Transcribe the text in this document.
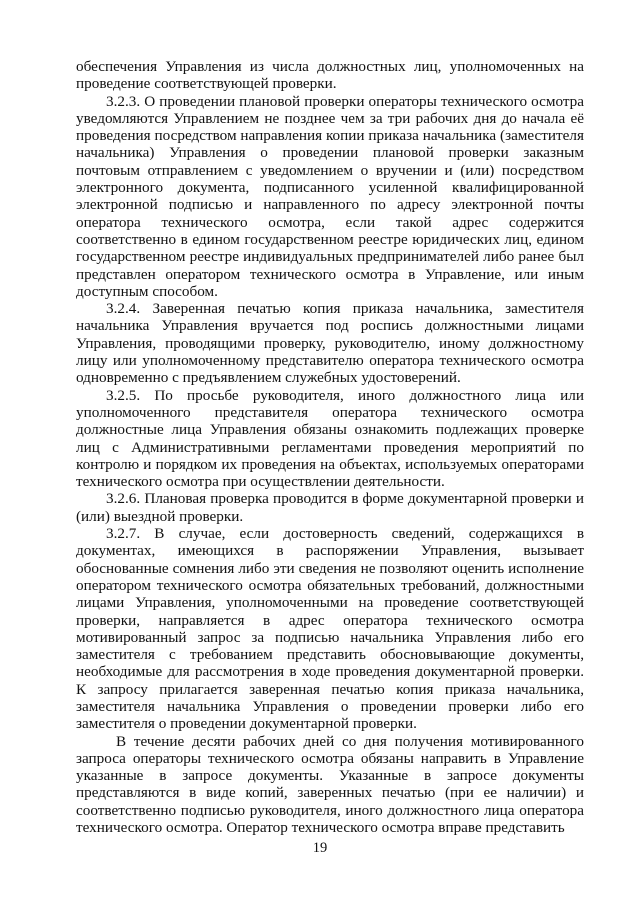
обеспечения Управления из числа должностных лиц, уполномоченных на проведение соответствующей проверки.

3.2.3. О проведении плановой проверки операторы технического осмотра уведомляются Управлением не позднее чем за три рабочих дня до начала её проведения посредством направления копии приказа начальника (заместителя начальника) Управления о проведении плановой проверки заказным почтовым отправлением с уведомлением о вручении и (или) посредством электронного документа, подписанного усиленной квалифицированной электронной подписью и направленного по адресу электронной почты оператора технического осмотра, если такой адрес содержится соответственно в едином государственном реестре юридических лиц, едином государственном реестре индивидуальных предпринимателей либо ранее был представлен оператором технического осмотра в Управление, или иным доступным способом.

3.2.4. Заверенная печатью копия приказа начальника, заместителя начальника Управления вручается под роспись должностными лицами Управления, проводящими проверку, руководителю, иному должностному лицу или уполномоченному представителю оператора технического осмотра одновременно с предъявлением служебных удостоверений.

3.2.5. По просьбе руководителя, иного должностного лица или уполномоченного представителя оператора технического осмотра должностные лица Управления обязаны ознакомить подлежащих проверке лиц с Административными регламентами проведения мероприятий по контролю и порядком их проведения на объектах, используемых операторами технического осмотра при осуществлении деятельности.

3.2.6. Плановая проверка проводится в форме документарной проверки и (или) выездной проверки.

3.2.7. В случае, если достоверность сведений, содержащихся в документах, имеющихся в распоряжении Управления, вызывает обоснованные сомнения либо эти сведения не позволяют оценить исполнение оператором технического осмотра обязательных требований, должностными лицами Управления, уполномоченными на проведение соответствующей проверки, направляется в адрес оператора технического осмотра мотивированный запрос за подписью начальника Управления либо его заместителя с требованием представить обосновывающие документы, необходимые для рассмотрения в ходе проведения документарной проверки. К запросу прилагается заверенная печатью копия приказа начальника, заместителя начальника Управления о проведении проверки либо его заместителя о проведении документарной проверки.

В течение десяти рабочих дней со дня получения мотивированного запроса операторы технического осмотра обязаны направить в Управление указанные в запросе документы. Указанные в запросе документы представляются в виде копий, заверенных печатью (при ее наличии) и соответственно подписью руководителя, иного должностного лица оператора технического осмотра. Оператор технического осмотра вправе представить

19
